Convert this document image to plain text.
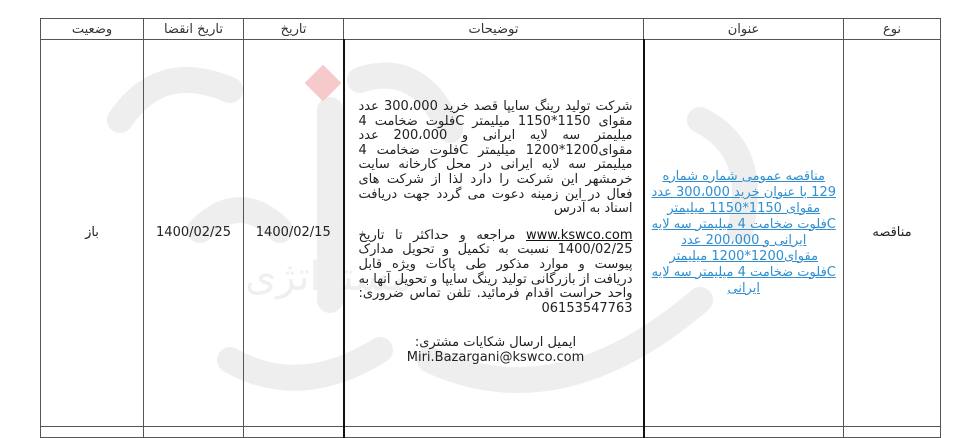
مستراتژی
نوع	عنوان	توضیحات	تاریخ	تاریخ انقضا	وضعیت
مناقصه	مناقصه عمومی شماره شماره 129 با عنوان خرید 300،000 عدد مقوای 1150*1150 میلیمتر Cفلوت ضخامت 4 میلیمتر سه لایه ایرانی و 200،000 عدد مقوای1200*1200 میلیمتر Cفلوت ضخامت 4 میلیمتر سه لایه ایرانی	شرکت تولید رینگ سایپا قصد خرید 300،000 عدد مقوای 1150*1150 میلیمتر Cفلوت ضخامت 4 میلیمتر سه لایه ایرانی و 200،000 عدد مقوای1200*1200 میلیمتر Cفلوت ضخامت 4 میلیمتر سه لایه ایرانی در محل کارخانه سایت خرمشهر این شرکت را دارد لذا از شرکت های فعال در این زمینه دعوت می گردد جهت دریافت اسناد به آدرس

www.kswco.com مراجعه و حداکثر تا تاریخ 1400/02/25 نسبت به تکمیل و تحویل مدارک پیوست و موارد مذکور طی پاکات ویژه قابل دریافت از بازرگانی تولید رینگ سایپا و تحویل آنها به واحد حراست اقدام فرمائید. تلفن تماس ضروری: 06153547763

ایمیل ارسال شکایات مشتری:

Miri.Bazargani@kswco.com	1400/02/15	1400/02/25	باز
